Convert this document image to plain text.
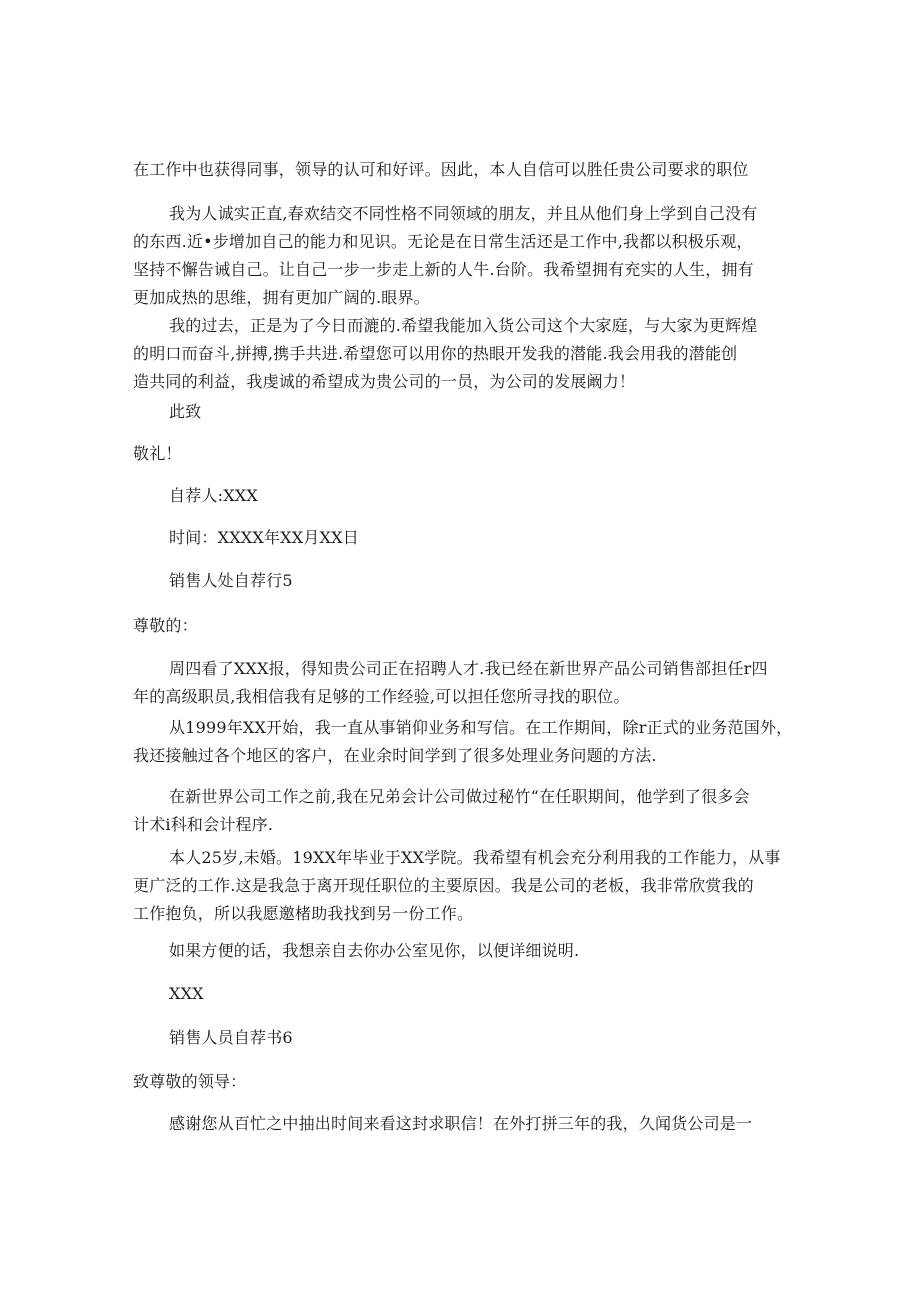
在工作中也获得同事，领导的认可和好评。因此，本人自信可以胜任贵公司要求的职位

我为人诚实正直,春欢结交不同性格不同领域的朋友，并且从他们身上学到自己没有
的东西.近•步增加自己的能力和见识。无论是在日常生活还是工作中,我都以积极乐观，
坚持不懈告诫自己。让自己一步一步走上新的人牛.台阶。我希望拥有充实的人生，拥有
更加成热的思维，拥有更加广阔的.眼界。

我的过去，正是为了今日而漉的.希望我能加入货公司这个大家庭，与大家为更辉煌
的明口而奋斗,拼搏,携手共进.希望您可以用你的热眼开发我的潜能.我会用我的潜能创
造共同的利益，我虔诚的希望成为贵公司的一员，为公司的发展阚力！

此致

敬礼！

自荐人:XXX

时间：XXXX年XX月XX日

销售人处自荐行5

尊敬的：

周四看了XXX报，得知贵公司正在招聘人才.我已经在新世界产品公司销售部担任r四
年的高级职员,我相信我有足够的工作经验,可以担任您所寻找的职位。

从1999年XX开始，我一直从事销仰业务和写信。在工作期间，除r正式的业务范国外，
我还接触过各个地区的客户，在业余时间学到了很多处理业务问题的方法.

在新世界公司工作之前,我在兄弟会计公司做过秘竹“在任职期间，他学到了很多会
计术i科和会计程序.

本人25岁,未婚。19XX年毕业于XX学院。我希望有机会充分利用我的工作能力，从事
更广泛的工作.这是我急于离开现任职位的主要原因。我是公司的老板，我非常欣赏我的
工作抱负，所以我愿邀楮助我找到另一份工作。

如果方便的话，我想亲自去你办公室见你，以便详细说明.

XXX

销售人员自荐书6

致尊敬的领导：

感谢您从百忙之中抽出时间来看这封求职信！在外打拼三年的我，久闻货公司是一
